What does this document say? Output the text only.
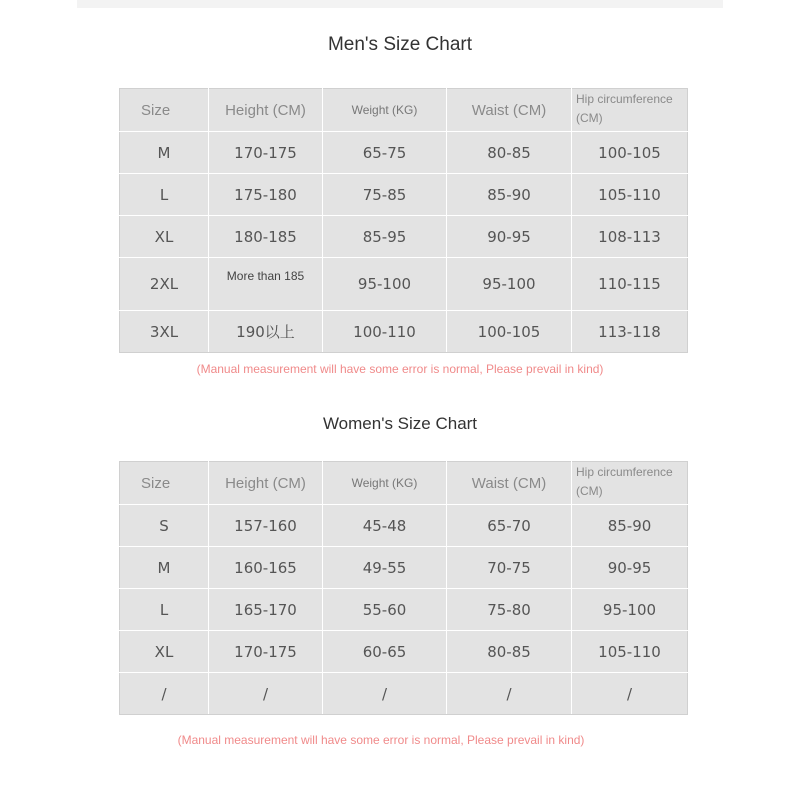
Men's Size Chart
Size	Height (CM)	Weight (KG)	Waist (CM)	Hip circumference (CM)
M	170-175	65-75	80-85	100-105
L	175-180	75-85	85-90	105-110
XL	180-185	85-95	90-95	108-113
2XL	More than 185	95-100	95-100	110-115
3XL	190以上	100-110	100-105	113-118
(Manual measurement will have some error is normal, Please prevail in kind)
Women's Size Chart
Size	Height (CM)	Weight (KG)	Waist (CM)	Hip circumference (CM)
S	157-160	45-48	65-70	85-90
M	160-165	49-55	70-75	90-95
L	165-170	55-60	75-80	95-100
XL	170-175	60-65	80-85	105-110
/	/	/	/	/
(Manual measurement will have some error is normal, Please prevail in kind)
